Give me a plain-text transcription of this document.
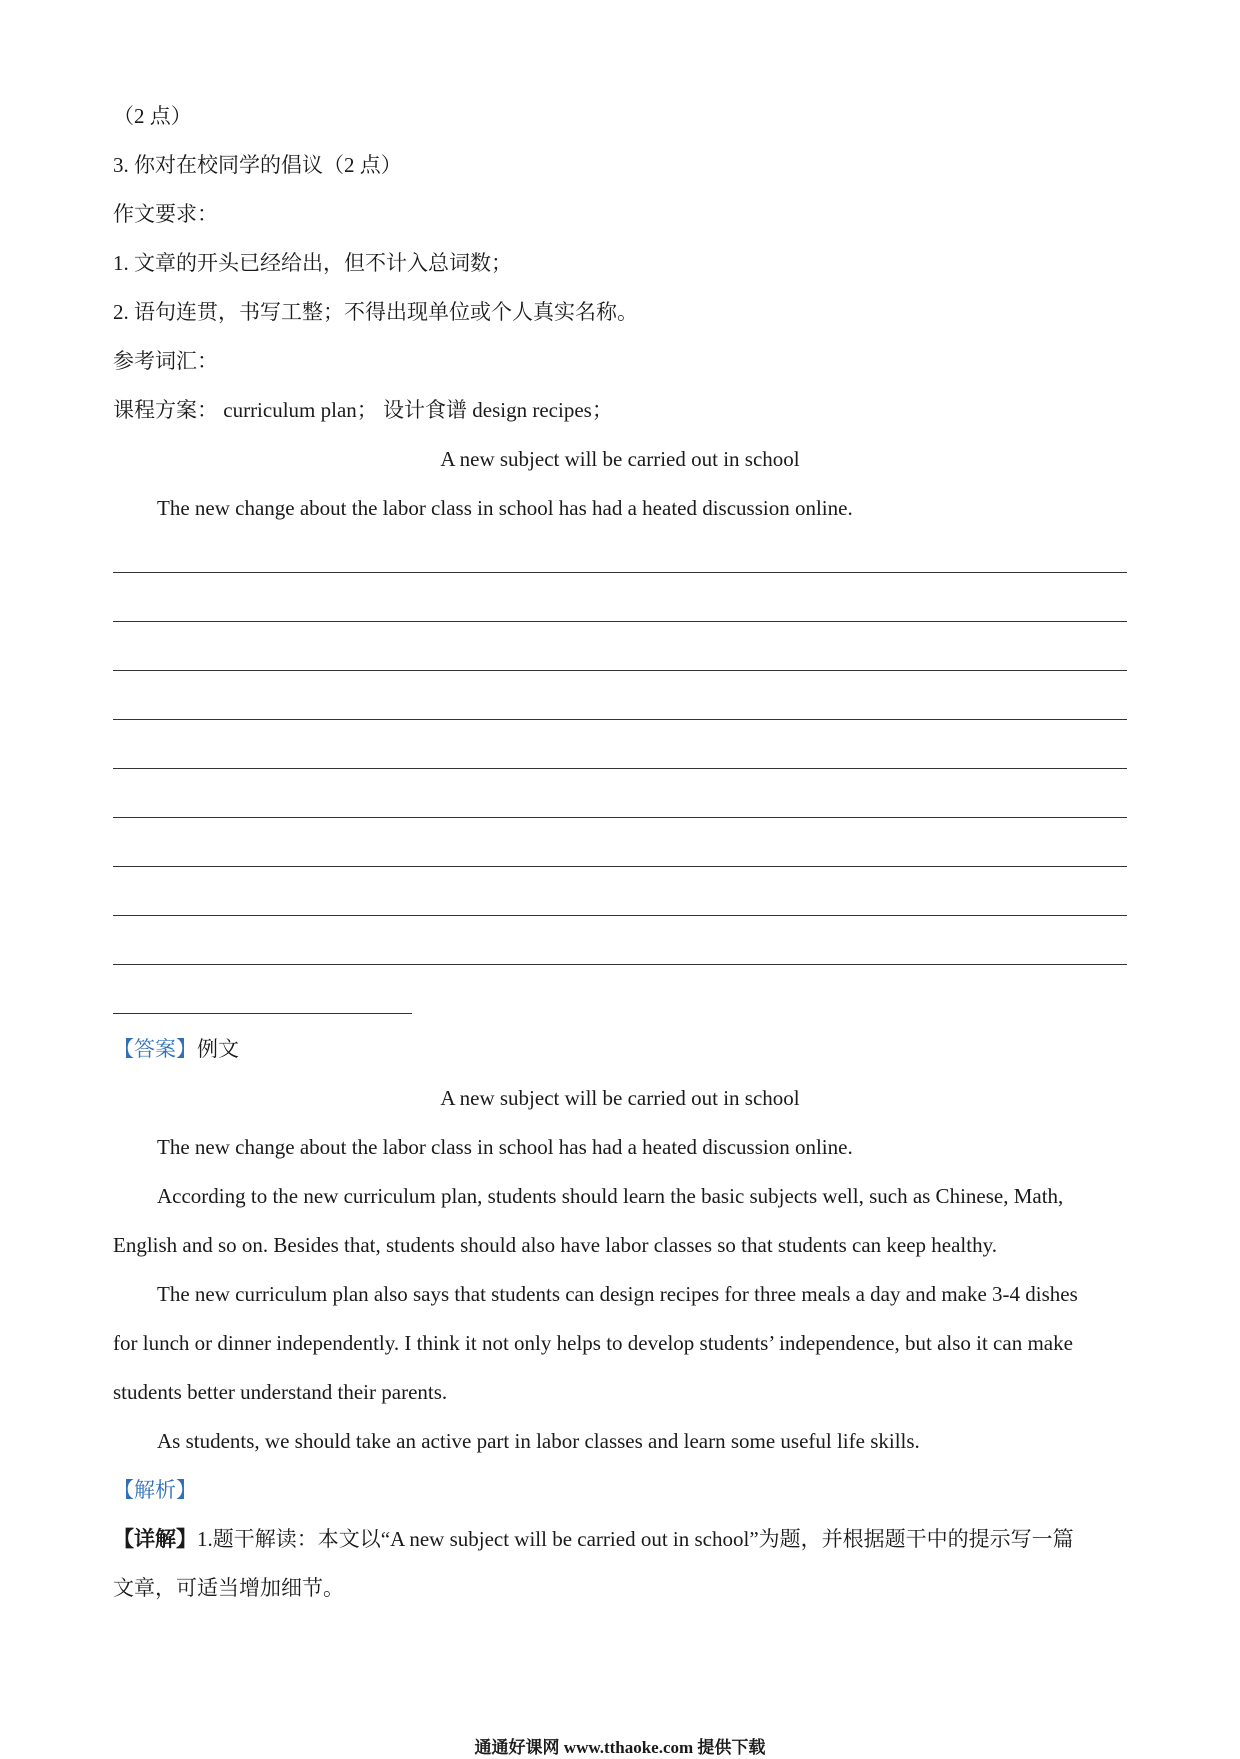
（2 点）
3. 你对在校同学的倡议（2 点）
作文要求：
1. 文章的开头已经给出，但不计入总词数；
2. 语句连贯，书写工整；不得出现单位或个人真实名称。
参考词汇：
课程方案： curriculum plan； 设计食谱 design recipes；
A new subject will be carried out in school
The new change about the labor class in school has had a heated discussion online.
【答案】例文
A new subject will be carried out in school
The new change about the labor class in school has had a heated discussion online.
According to the new curriculum plan, students should learn the basic subjects well, such as Chinese, Math,
English and so on. Besides that, students should also have labor classes so that students can keep healthy.
The new curriculum plan also says that students can design recipes for three meals a day and make 3-4 dishes
for lunch or dinner independently. I think it not only helps to develop students’ independence, but also it can make
students better understand their parents.
As students, we should take an active part in labor classes and learn some useful life skills.
【解析】
【详解】1.题干解读：本文以“A new subject will be carried out in school”为题，并根据题干中的提示写一篇
文章，可适当增加细节。
通通好课网 www.tthaoke.com 提供下载
